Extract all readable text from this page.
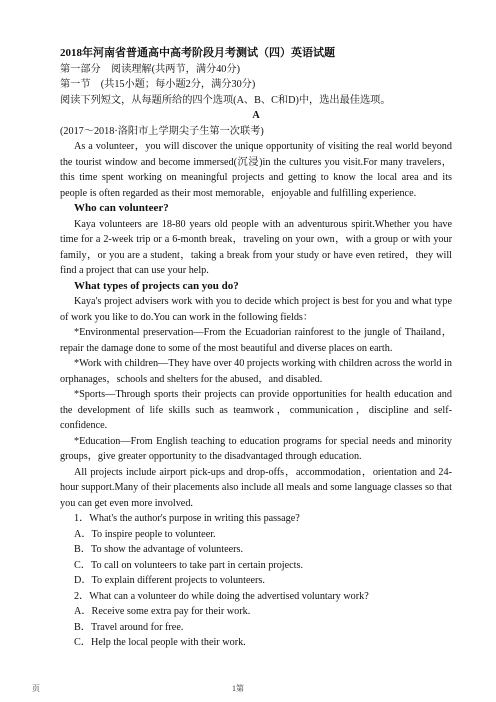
2018年河南省普通高中高考阶段月考测试（四）英语试题

第一部分　阅读理解(共两节，满分40分)

第一节　(共15小题；每小题2分，满分30分)

阅读下列短文，从每题所给的四个选项(A、B、C和D)中，选出最佳选项。

A

(2017～2018·洛阳市上学期尖子生第一次联考)

As a volunteer，you will discover the unique opportunity of visiting the real world beyond the tourist window and become immersed(沉浸)in the cultures you visit.For many travelers，this time spent working on meaningful projects and getting to know the local area and its people is often regarded as their most memorable，enjoyable and fulfilling experience.

Who can volunteer?

Kaya volunteers are 18-80 years old people with an adventurous spirit.Whether you have time for a 2-week trip or a 6-month break，traveling on your own，with a group or with your family，or you are a student，taking a break from your study or have even retired，they will find a project that can use your help.

What types of projects can you do?

Kaya's project advisers work with you to decide which project is best for you and what type of work you like to do.You can work in the following fields：

*Environmental preservation—From the Ecuadorian rainforest to the jungle of Thailand，repair the damage done to some of the most beautiful and diverse places on earth.

*Work with children—They have over 40 projects working with children across the world in orphanages，schools and shelters for the abused，and disabled.

*Sports—Through sports their projects can provide opportunities for health education and the development of life skills such as teamwork，communication，discipline and self-confidence.

*Education—From English teaching to education programs for special needs and minority groups，give greater opportunity to the disadvantaged through education.

All projects include airport pick-ups and drop-offs，accommodation，orientation and 24-hour support.Many of their placements also include all meals and some language classes so that you can get even more involved.

1．What's the author's purpose in writing this passage?

A．To inspire people to volunteer.

B．To show the advantage of volunteers.

C．To call on volunteers to take part in certain projects.

D．To explain different projects to volunteers.

2．What can a volunteer do while doing the advertised voluntary work?

A．Receive some extra pay for their work.

B．Travel around for free.

C．Help the local people with their work.

页	1第
